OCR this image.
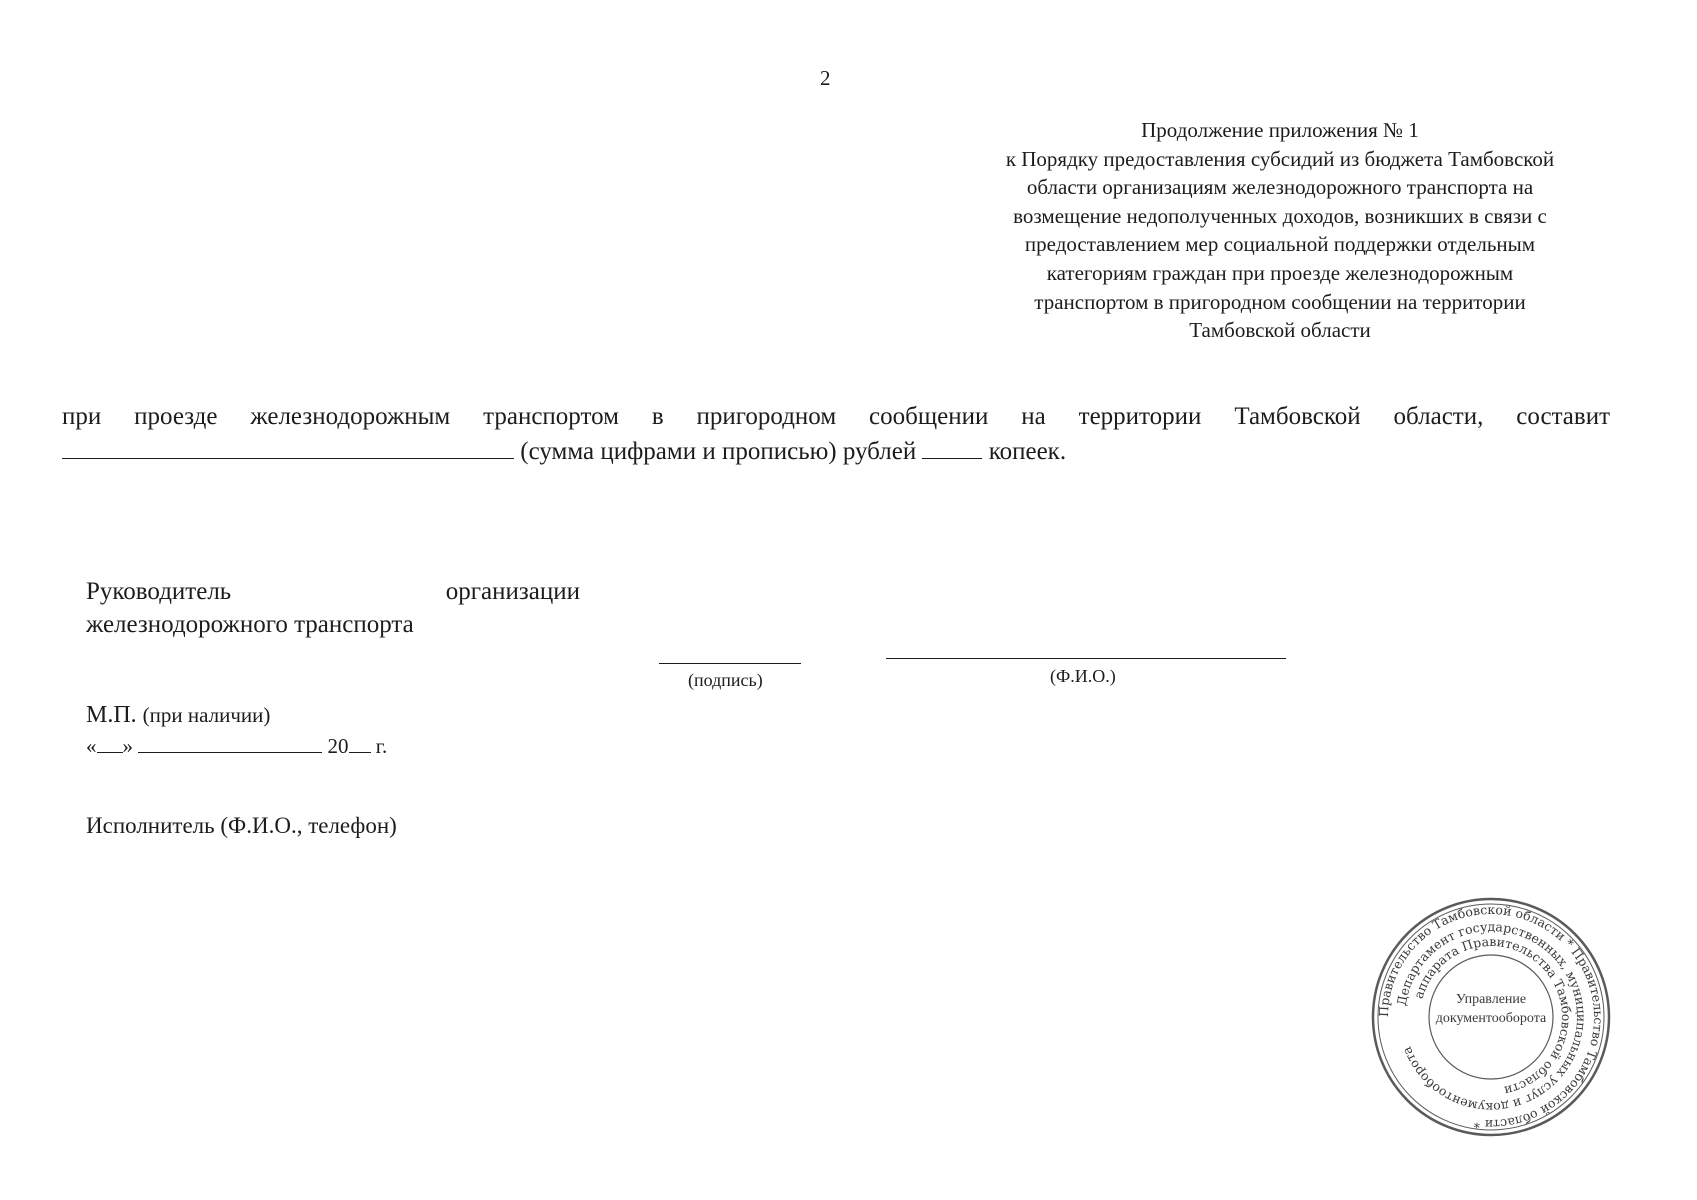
2
Продолжение приложения № 1
к Порядку предоставления субсидий из бюджета Тамбовской
области организациям железнодорожного транспорта на
возмещение недополученных доходов, возникших в связи с
предоставлением мер социальной поддержки отдельным
категориям граждан при проезде железнодорожным
транспортом в пригородном сообщении на территории
Тамбовской области
при проезде железнодорожным транспортом в пригородном сообщении на территории Тамбовской области, составит
(сумма цифрами и прописью) рублей	копеек.
Руководитель	организации
железнодорожного транспорта
(подпись)	(Ф.И.О.)
М.П. (при наличии)
« »	20 г.
Исполнитель (Ф.И.О., телефон)
Правительство Тамбовской области * Правительство Тамбовской области *
Департамент государственных, муниципальных услуг и документооборота
аппарата Правительства Тамбовской области
Управление
документооборота
